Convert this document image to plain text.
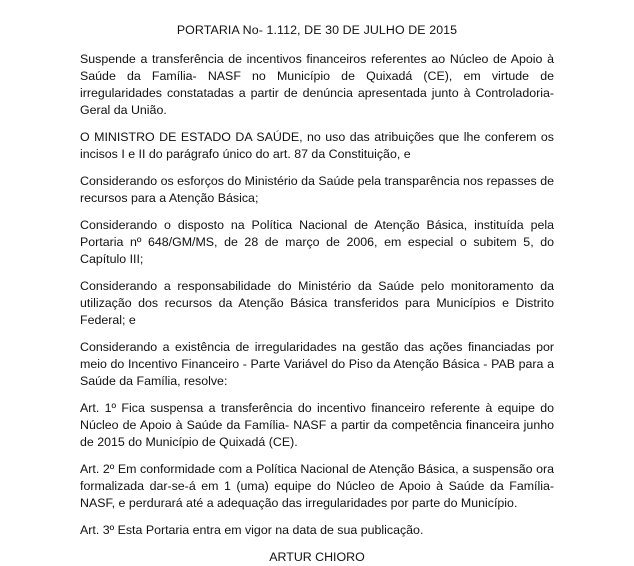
PORTARIA No- 1.112, DE 30 DE JULHO DE 2015

Suspende a transferência de incentivos financeiros referentes ao Núcleo de Apoio à Saúde da Família- NASF no Município de Quixadá (CE), em virtude de irregularidades constatadas a partir de denúncia apresentada junto à Controladoria-Geral da União.

O MINISTRO DE ESTADO DA SAÚDE, no uso das atribuições que lhe conferem os incisos I e II do parágrafo único do art. 87 da Constituição, e

Considerando os esforços do Ministério da Saúde pela transparência nos repasses de recursos para a Atenção Básica;

Considerando o disposto na Política Nacional de Atenção Básica, instituída pela Portaria nº 648/GM/MS, de 28 de março de 2006, em especial o subitem 5, do Capítulo III;

Considerando a responsabilidade do Ministério da Saúde pelo monitoramento da utilização dos recursos da Atenção Básica transferidos para Municípios e Distrito Federal; e

Considerando a existência de irregularidades na gestão das ações financiadas por meio do Incentivo Financeiro - Parte Variável do Piso da Atenção Básica - PAB para a Saúde da Família, resolve:

Art. 1º Fica suspensa a transferência do incentivo financeiro referente à equipe do Núcleo de Apoio à Saúde da Família- NASF a partir da competência financeira junho de 2015 do Município de Quixadá (CE).

Art. 2º Em conformidade com a Política Nacional de Atenção Básica, a suspensão ora formalizada dar-se-á em 1 (uma) equipe do Núcleo de Apoio à Saúde da Família- NASF, e perdurará até a adequação das irregularidades por parte do Município.

Art. 3º Esta Portaria entra em vigor na data de sua publicação.

ARTUR CHIORO
